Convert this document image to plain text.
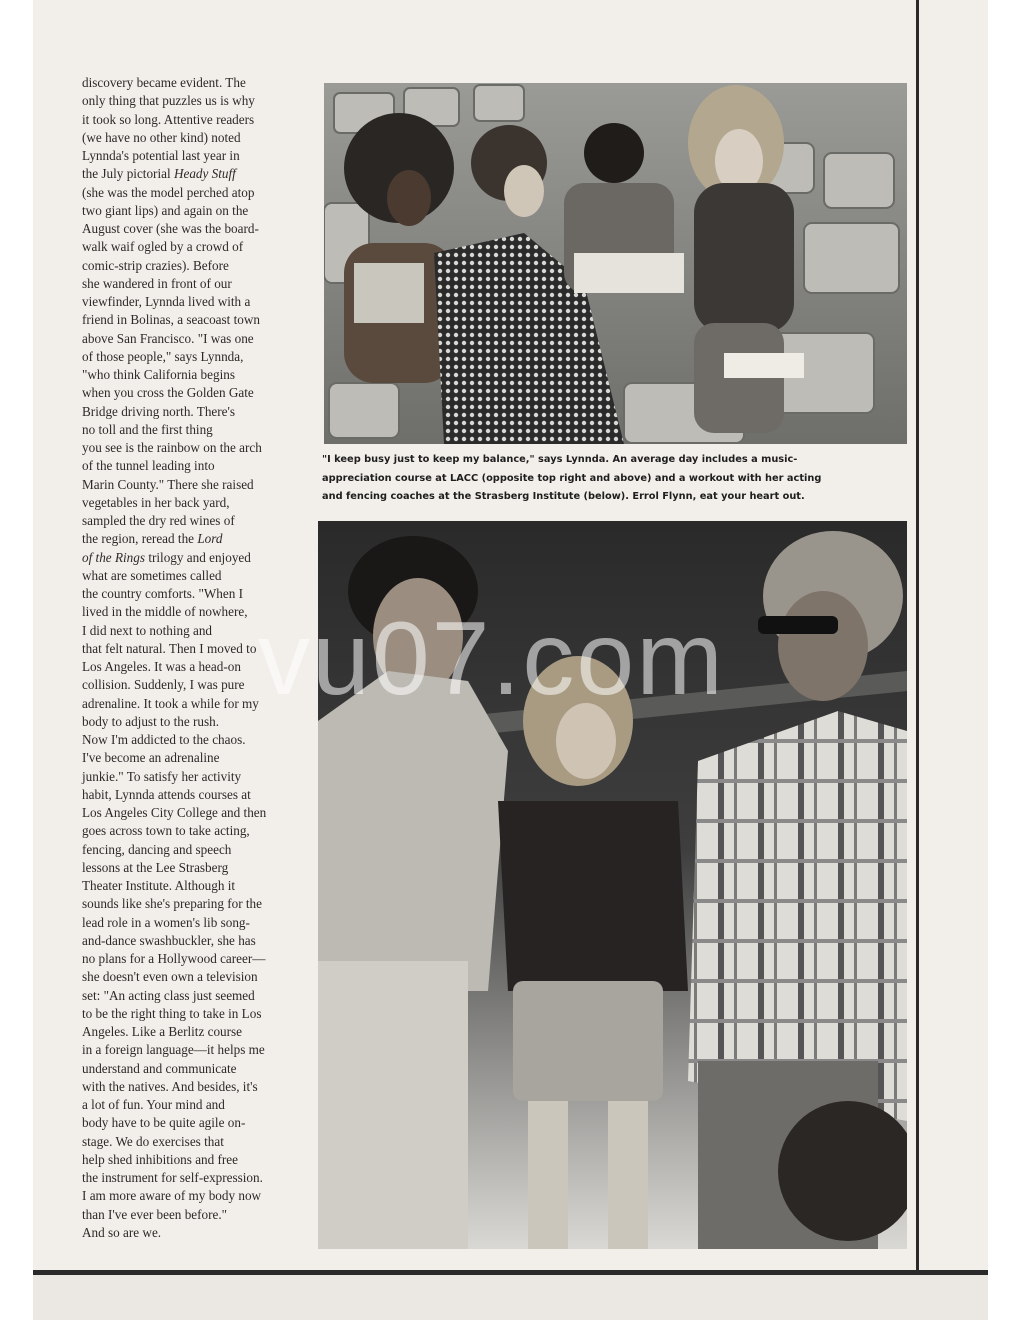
discovery became evident. The
only thing that puzzles us is why
it took so long. Attentive readers
(we have no other kind) noted
Lynnda's potential last year in
the July pictorial Heady Stuff
(she was the model perched atop
two giant lips) and again on the
August cover (she was the board-
walk waif ogled by a crowd of
comic-strip crazies). Before
she wandered in front of our
viewfinder, Lynnda lived with a
friend in Bolinas, a seacoast town
above San Francisco. "I was one
of those people," says Lynnda,
"who think California begins
when you cross the Golden Gate
Bridge driving north. There's
no toll and the first thing
you see is the rainbow on the arch
of the tunnel leading into
Marin County." There she raised
vegetables in her back yard,
sampled the dry red wines of
the region, reread the Lord
of the Rings trilogy and enjoyed
what are sometimes called
the country comforts. "When I
lived in the middle of nowhere,
I did next to nothing and
that felt natural. Then I moved to
Los Angeles. It was a head-on
collision. Suddenly, I was pure
adrenaline. It took a while for my
body to adjust to the rush.
Now I'm addicted to the chaos.
I've become an adrenaline
junkie." To satisfy her activity
habit, Lynnda attends courses at
Los Angeles City College and then
goes across town to take acting,
fencing, dancing and speech
lessons at the Lee Strasberg
Theater Institute. Although it
sounds like she's preparing for the
lead role in a women's lib song-
and-dance swashbuckler, she has
no plans for a Hollywood career—
she doesn't even own a television
set: "An acting class just seemed
to be the right thing to take in Los
Angeles. Like a Berlitz course
in a foreign language—it helps me
understand and communicate
with the natives. And besides, it's
a lot of fun. Your mind and
body have to be quite agile on-
stage. We do exercises that
help shed inhibitions and free
the instrument for self-expression.
I am more aware of my body now
than I've ever been before."
And so are we.
"I keep busy just to keep my balance," says Lynnda. An average day includes a music-
appreciation course at LACC (opposite top right and above) and a workout with her acting
and fencing coaches at the Strasberg Institute (below). Errol Flynn, eat your heart out.
vu07.com
